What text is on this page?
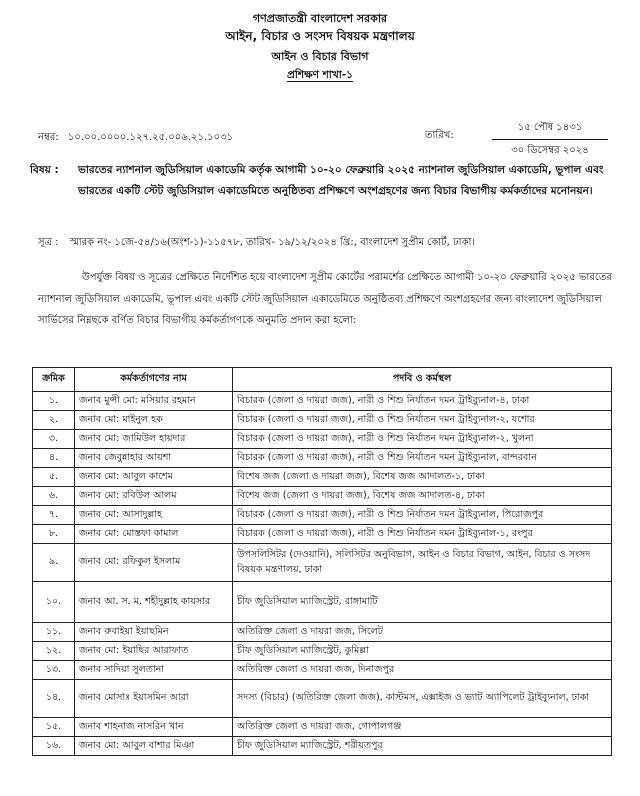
গণপ্রজাতন্ত্রী বাংলাদেশ সরকার
আইন, বিচার ও সংসদ বিষয়ক মন্ত্রণালয়
আইন ও বিচার বিভাগ
প্রশিক্ষণ শাখা-১
নম্বর: ১০.০০.০০০০.১২৭.২৫.০০৬.২১.১০৩১	তারিখ:
১৫ পৌষ ১৪৩১
৩০ ডিসেম্বর ২০২৪
বিষয় : ভারতের ন্যাশনাল জুডিসিয়াল একাডেমি কর্তৃক আগামী ১০-২০ ফেব্রুয়ারি ২০২৫ ন্যাশনাল জুডিসিয়াল একাডেমি, ভূপাল এবং ভারতের একটি স্টেট জুডিসিয়াল একাডেমিতে অনুষ্ঠিতব্য প্রশিক্ষণে অংশগ্রহণের জন্য বিচার বিভাগীয় কর্মকর্তাদের মনোনয়ন।
সূত্র : স্মারক নং- ১জে-৫৪/১৬(অংশ-১)-১১৫৭৮, তারিখ- ১৯/১২/২০২৪ খ্রি:, বাংলাদেশ সুপ্রীম কোর্ট, ঢাকা।
উপর্যুক্ত বিষয় ও সূত্রের প্রেক্ষিতে নির্দেশিত হয়ে বাংলাদেশ সুপ্রীম কোর্টের পরামর্শের প্রেক্ষিতে আগামী ১০-২০ ফেব্রুয়ারি ২০২৫ ভারতের ন্যাশনাল জুডিসিয়াল একাডেমি, ভূপাল এবং একটি স্টেট জুডিসিয়াল একাডেমিতে অনুষ্ঠিতব্য প্রশিক্ষণে অংশগ্রহণের জন্য বাংলাদেশ জুডিসিয়াল সার্ভিসের নিম্নছকে বর্ণিত বিচার বিভাগীয় কর্মকর্তাগণকে অনুমতি প্রদান করা হলো:
ক্রমিক	কর্মকর্তাগণের নাম	পদবি ও কর্মস্থল
১.	জনাব মুন্সী মো: মসিয়ার রহমান	বিচারক (জেলা ও দায়রা জজ), নারী ও শিশু নির্যাতন দমন ট্রাইব্যুনাল-৪, ঢাকা
২.	জনাব মো: মাইনুল হক	বিচারক (জেলা ও দায়রা জজ), নারী ও শিশু নির্যাতন দমন ট্রাইব্যুনাল-২, যশোর
৩.	জনাব মো: জামিউল হায়দার	বিচারক (জেলা ও দায়রা জজ), নারী ও শিশু নির্যাতন দমন ট্রাইব্যুনাল-২, খুলনা
৪.	জনাব জেবুন্নাহার আয়শা	বিচারক (জেলা ও দায়রা জজ), নারী ও শিশু নির্যাতন দমন ট্রাইব্যুনাল, বান্দরবান
৫.	জনাব মো: আবুল কাশেম	বিশেষ জজ (জেলা ও দায়রা জজ), বিশেষ জজ আদালত-১, ঢাকা
৬.	জনাব মো: রবিউল আলম	বিশেষ জজ (জেলা ও দায়রা জজ), বিশেষ জজ আদালত-৪, ঢাকা
৭.	জনাব মো: আসাদুল্লাহ	বিচারক (জেলা ও দায়রা জজ), নারী ও শিশু নির্যাতন দমন ট্রাইব্যুনাল, পিরোজপুর
৮.	জনাব মো: মোস্তফা কামাল	বিচারক (জেলা ও দায়রা জজ), নারী ও শিশু নির্যাতন দমন ট্রাইব্যুনাল-১, রংপুর
৯.	জনাব মো: রফিকুল ইসলাম	উপসলিসিটর (দেওয়ানি), সলিসিটর অনুবিভাগ, আইন ও বিচার বিভাগ, আইন, বিচার ও সংসদ বিষয়ক মন্ত্রণালয়, ঢাকা
১০.	জনাব আ. স. ম. শহীদুল্লাহ কায়সার	চীফ জুডিসিয়াল ম্যাজিস্ট্রেট, রাঙ্গামাটি
১১.	জনাব রুবাইয়া ইয়াছমিন	অতিরিক্ত জেলা ও দায়রা জজ, সিলেট
১২.	জনাব মো: ইয়াছির আরাফাত	চীফ জুডিসিয়াল ম্যাজিস্ট্রেট, কুমিল্লা
১৩.	জনাব সাদিয়া সুলতানা	অতিরিক্ত জেলা ও দায়রা জজ, দিনাজপুর
১৪.	জনাব মোসাঃ ইয়াসমিন আরা	সদস্য (বিচার) (অতিরিক্ত জেলা জজ), কাস্টমস, এক্সাইজ ও ভ্যাট অ্যাপিলেট ট্রাইব্যুনাল, ঢাকা
১৫.	জনাব শাহনাজ নাসরিন খান	অতিরিক্ত জেলা ও দায়রা জজ, গোপালগঞ্জ
১৬.	জনাব মো: আবুল বাশার মিঞা	চীফ জুডিসিয়াল ম্যাজিস্ট্রেট, শরীয়তপুর
